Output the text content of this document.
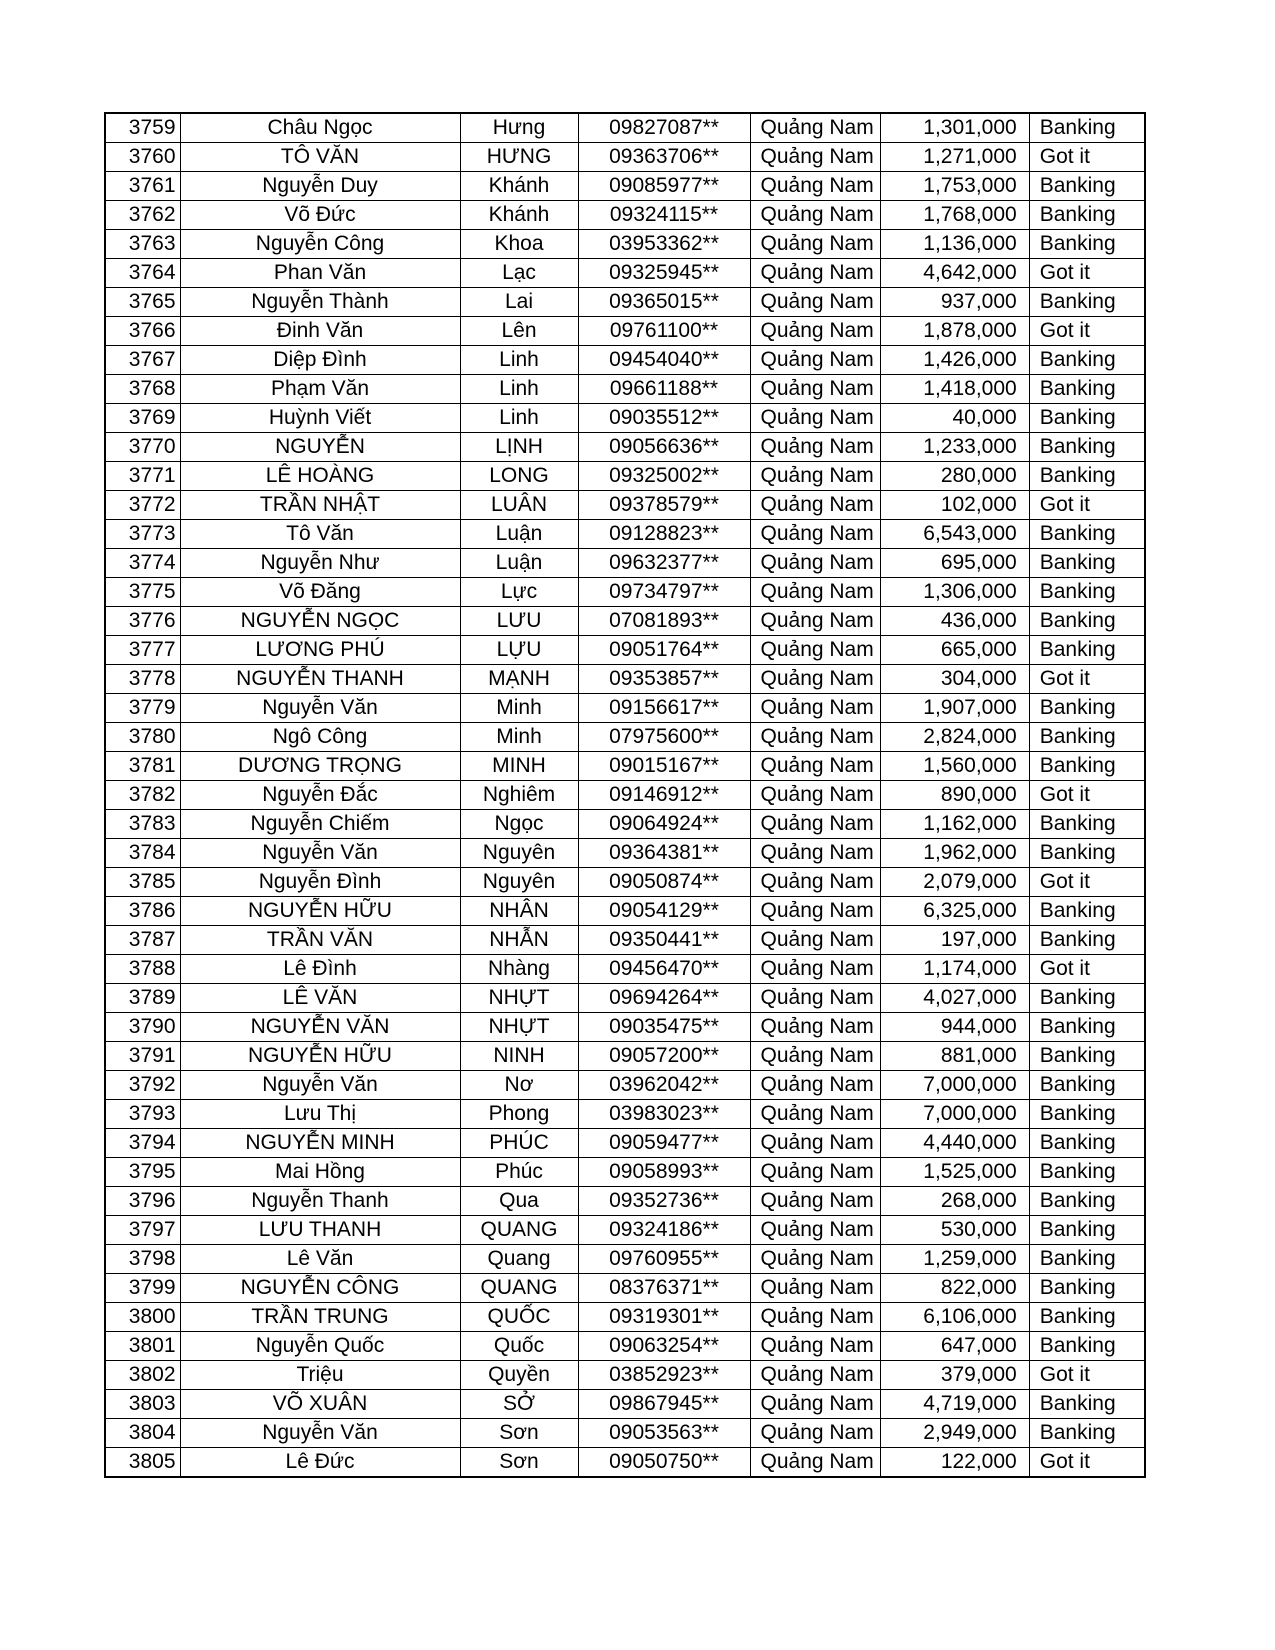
3759	Châu Ngọc	Hưng	09827087**	Quảng Nam	1,301,000	Banking
3760	TÔ VĂN	HƯNG	09363706**	Quảng Nam	1,271,000	Got it
3761	Nguyễn Duy	Khánh	09085977**	Quảng Nam	1,753,000	Banking
3762	Võ Đức	Khánh	09324115**	Quảng Nam	1,768,000	Banking
3763	Nguyễn Công	Khoa	03953362**	Quảng Nam	1,136,000	Banking
3764	Phan Văn	Lạc	09325945**	Quảng Nam	4,642,000	Got it
3765	Nguyễn Thành	Lai	09365015**	Quảng Nam	937,000	Banking
3766	Đinh Văn	Lên	09761100**	Quảng Nam	1,878,000	Got it
3767	Diệp Đình	Linh	09454040**	Quảng Nam	1,426,000	Banking
3768	Phạm Văn	Linh	09661188**	Quảng Nam	1,418,000	Banking
3769	Huỳnh Viết	Linh	09035512**	Quảng Nam	40,000	Banking
3770	NGUYỄN	LỊNH	09056636**	Quảng Nam	1,233,000	Banking
3771	LÊ HOÀNG	LONG	09325002**	Quảng Nam	280,000	Banking
3772	TRẦN NHẬT	LUÂN	09378579**	Quảng Nam	102,000	Got it
3773	Tô Văn	Luận	09128823**	Quảng Nam	6,543,000	Banking
3774	Nguyễn Như	Luận	09632377**	Quảng Nam	695,000	Banking
3775	Võ Đăng	Lực	09734797**	Quảng Nam	1,306,000	Banking
3776	NGUYỄN NGỌC	LƯU	07081893**	Quảng Nam	436,000	Banking
3777	LƯƠNG PHÚ	LỰU	09051764**	Quảng Nam	665,000	Banking
3778	NGUYỄN THANH	MẠNH	09353857**	Quảng Nam	304,000	Got it
3779	Nguyễn Văn	Minh	09156617**	Quảng Nam	1,907,000	Banking
3780	Ngô Công	Minh	07975600**	Quảng Nam	2,824,000	Banking
3781	DƯƠNG TRỌNG	MINH	09015167**	Quảng Nam	1,560,000	Banking
3782	Nguyễn Đắc	Nghiêm	09146912**	Quảng Nam	890,000	Got it
3783	Nguyễn Chiếm	Ngọc	09064924**	Quảng Nam	1,162,000	Banking
3784	Nguyễn Văn	Nguyên	09364381**	Quảng Nam	1,962,000	Banking
3785	Nguyễn Đình	Nguyên	09050874**	Quảng Nam	2,079,000	Got it
3786	NGUYỄN HỮU	NHÂN	09054129**	Quảng Nam	6,325,000	Banking
3787	TRẦN VĂN	NHẪN	09350441**	Quảng Nam	197,000	Banking
3788	Lê Đình	Nhàng	09456470**	Quảng Nam	1,174,000	Got it
3789	LÊ VĂN	NHỰT	09694264**	Quảng Nam	4,027,000	Banking
3790	NGUYỄN VĂN	NHỰT	09035475**	Quảng Nam	944,000	Banking
3791	NGUYỄN HỮU	NINH	09057200**	Quảng Nam	881,000	Banking
3792	Nguyễn Văn	Nơ	03962042**	Quảng Nam	7,000,000	Banking
3793	Lưu Thị	Phong	03983023**	Quảng Nam	7,000,000	Banking
3794	NGUYỄN MINH	PHÚC	09059477**	Quảng Nam	4,440,000	Banking
3795	Mai Hồng	Phúc	09058993**	Quảng Nam	1,525,000	Banking
3796	Nguyễn Thanh	Qua	09352736**	Quảng Nam	268,000	Banking
3797	LƯU THANH	QUANG	09324186**	Quảng Nam	530,000	Banking
3798	Lê Văn	Quang	09760955**	Quảng Nam	1,259,000	Banking
3799	NGUYỄN CÔNG	QUANG	08376371**	Quảng Nam	822,000	Banking
3800	TRẦN TRUNG	QUỐC	09319301**	Quảng Nam	6,106,000	Banking
3801	Nguyễn Quốc	Quốc	09063254**	Quảng Nam	647,000	Banking
3802	Triệu	Quyền	03852923**	Quảng Nam	379,000	Got it
3803	VÕ XUÂN	SỞ	09867945**	Quảng Nam	4,719,000	Banking
3804	Nguyễn Văn	Sơn	09053563**	Quảng Nam	2,949,000	Banking
3805	Lê Đức	Sơn	09050750**	Quảng Nam	122,000	Got it
